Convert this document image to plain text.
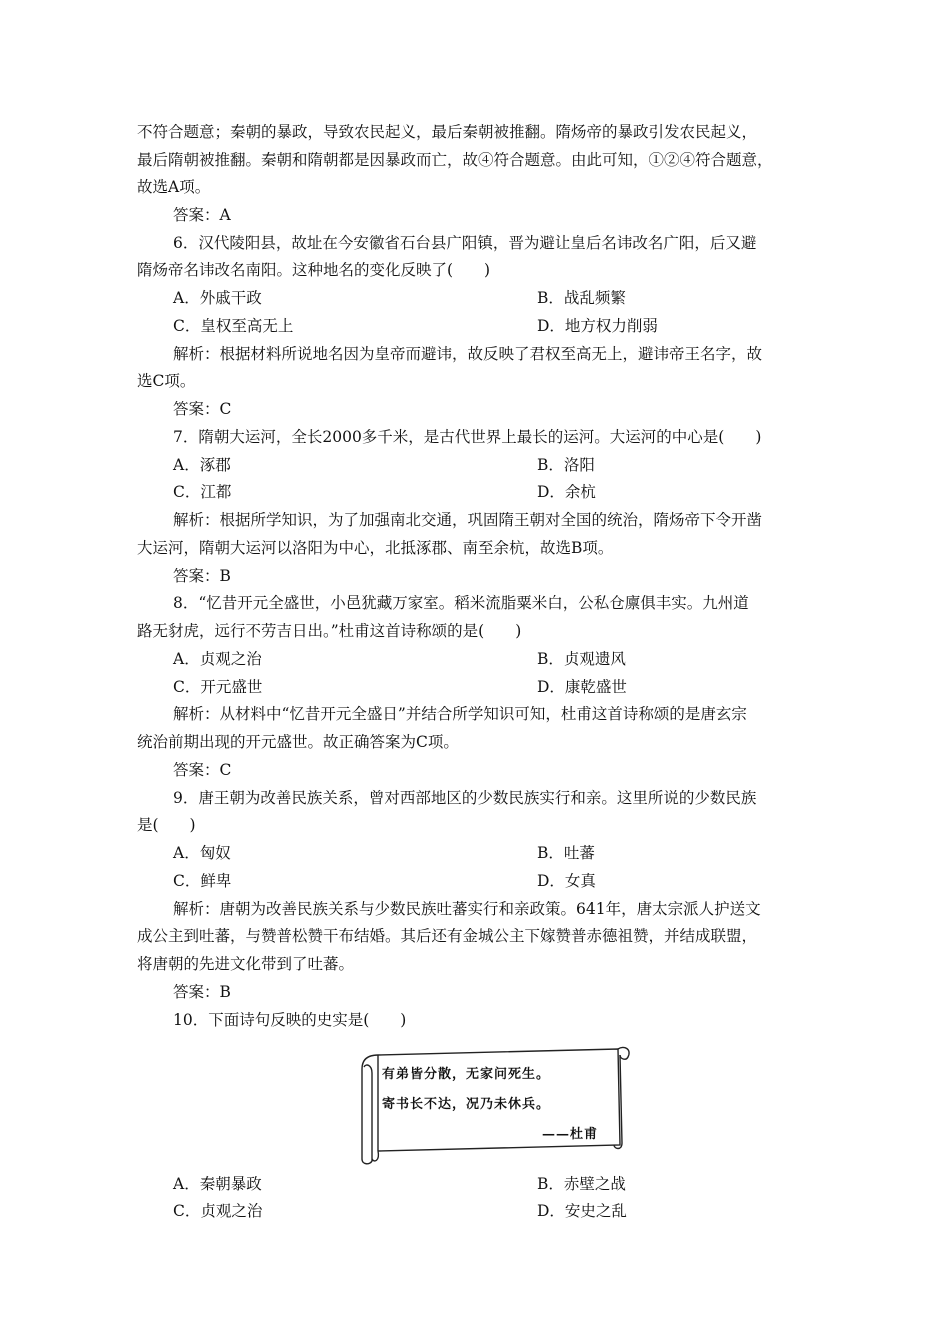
不符合题意；秦朝的暴政，导致农民起义，最后秦朝被推翻。隋炀帝的暴政引发农民起义，
最后隋朝被推翻。秦朝和隋朝都是因暴政而亡，故④符合题意。由此可知，①②④符合题意，
故选A项。
答案：A
6．汉代陵阳县，故址在今安徽省石台县广阳镇，晋为避让皇后名讳改名广阳，后又避
隋炀帝名讳改名南阳。这种地名的变化反映了(　　)
A．外戚干政	B．战乱频繁
C．皇权至高无上	D．地方权力削弱
解析：根据材料所说地名因为皇帝而避讳，故反映了君权至高无上，避讳帝王名字，故
选C项。
答案：C
7．隋朝大运河，全长2000多千米，是古代世界上最长的运河。大运河的中心是(　　)
A．涿郡	B．洛阳
C．江都	D．余杭
解析：根据所学知识，为了加强南北交通，巩固隋王朝对全国的统治，隋炀帝下令开凿
大运河，隋朝大运河以洛阳为中心，北抵涿郡、南至余杭，故选B项。
答案：B
8．“忆昔开元全盛世，小邑犹藏万家室。稻米流脂粟米白，公私仓廪俱丰实。九州道
路无豺虎，远行不劳吉日出。”杜甫这首诗称颂的是(　　)
A．贞观之治	B．贞观遗风
C．开元盛世	D．康乾盛世
解析：从材料中“忆昔开元全盛日”并结合所学知识可知，杜甫这首诗称颂的是唐玄宗
统治前期出现的开元盛世。故正确答案为C项。
答案：C
9．唐王朝为改善民族关系，曾对西部地区的少数民族实行和亲。这里所说的少数民族
是(　　)
A．匈奴	B．吐蕃
C．鲜卑	D．女真
解析：唐朝为改善民族关系与少数民族吐蕃实行和亲政策。641年，唐太宗派人护送文
成公主到吐蕃，与赞普松赞干布结婚。其后还有金城公主下嫁赞普赤德祖赞，并结成联盟，
将唐朝的先进文化带到了吐蕃。
答案：B
10．下面诗句反映的史实是(　　)
有弟皆分散，无家问死生。
寄书长不达，况乃未休兵。
——杜甫
A．秦朝暴政	B．赤壁之战
C．贞观之治	D．安史之乱
